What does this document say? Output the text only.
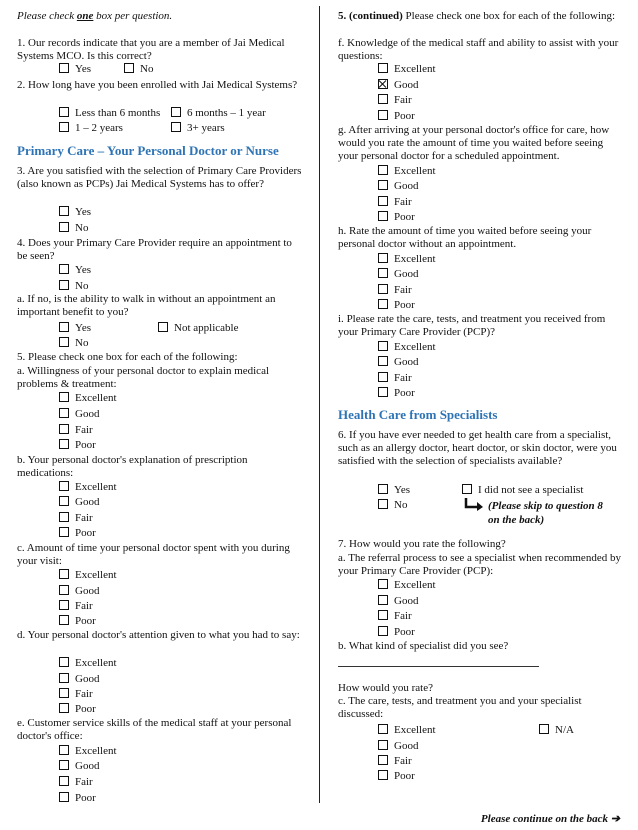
Please check one box per question.
1. Our records indicate that you are a member of Jai Medical Systems MCO. Is this correct?
Yes	No
2. How long have you been enrolled with Jai Medical Systems?
Less than 6 months	6 months – 1 year
1 – 2 years	3+ years
Primary Care – Your Personal Doctor or Nurse
3. Are you satisfied with the selection of Primary Care Providers (also known as PCPs) Jai Medical Systems has to offer?
Yes
No
4. Does your Primary Care Provider require an appointment to be seen?
Yes
No
a. If no, is the ability to walk in without an appointment an important benefit to you?
Yes	Not applicable
No
5. Please check one box for each of the following:
a. Willingness of your personal doctor to explain medical problems & treatment:
Excellent
Good
Fair
Poor
b. Your personal doctor's explanation of prescription medications:
Excellent
Good
Fair
Poor
c. Amount of time your personal doctor spent with you during your visit:
Excellent
Good
Fair
Poor
d. Your personal doctor's attention given to what you had to say:
Excellent
Good
Fair
Poor
e. Customer service skills of the medical staff at your personal doctor's office:
Excellent
Good
Fair
Poor
5. (continued) Please check one box for each of the following:
f. Knowledge of the medical staff and ability to assist with your questions:
Excellent
Good
Fair
Poor
g. After arriving at your personal doctor's office for care, how would you rate the amount of time you waited before seeing your personal doctor for a scheduled appointment.
Excellent
Good
Fair
Poor
h. Rate the amount of time you waited before seeing your personal doctor without an appointment.
Excellent
Good
Fair
Poor
i. Please rate the care, tests, and treatment you received from your Primary Care Provider (PCP)?
Excellent
Good
Fair
Poor
Health Care from Specialists
6. If you have ever needed to get health care from a specialist, such as an allergy doctor, heart doctor, or skin doctor, were you satisfied with the selection of specialists available?
Yes	I did not see a specialist
No	(Please skip to question 8 on the back)
7. How would you rate the following?
a. The referral process to see a specialist when recommended by your Primary Care Provider (PCP):
Excellent
Good
Fair
Poor
b. What kind of specialist did you see?
How would you rate?
c. The care, tests, and treatment you and your specialist discussed:
Excellent	N/A
Good
Fair
Poor
Please continue on the back ➔
